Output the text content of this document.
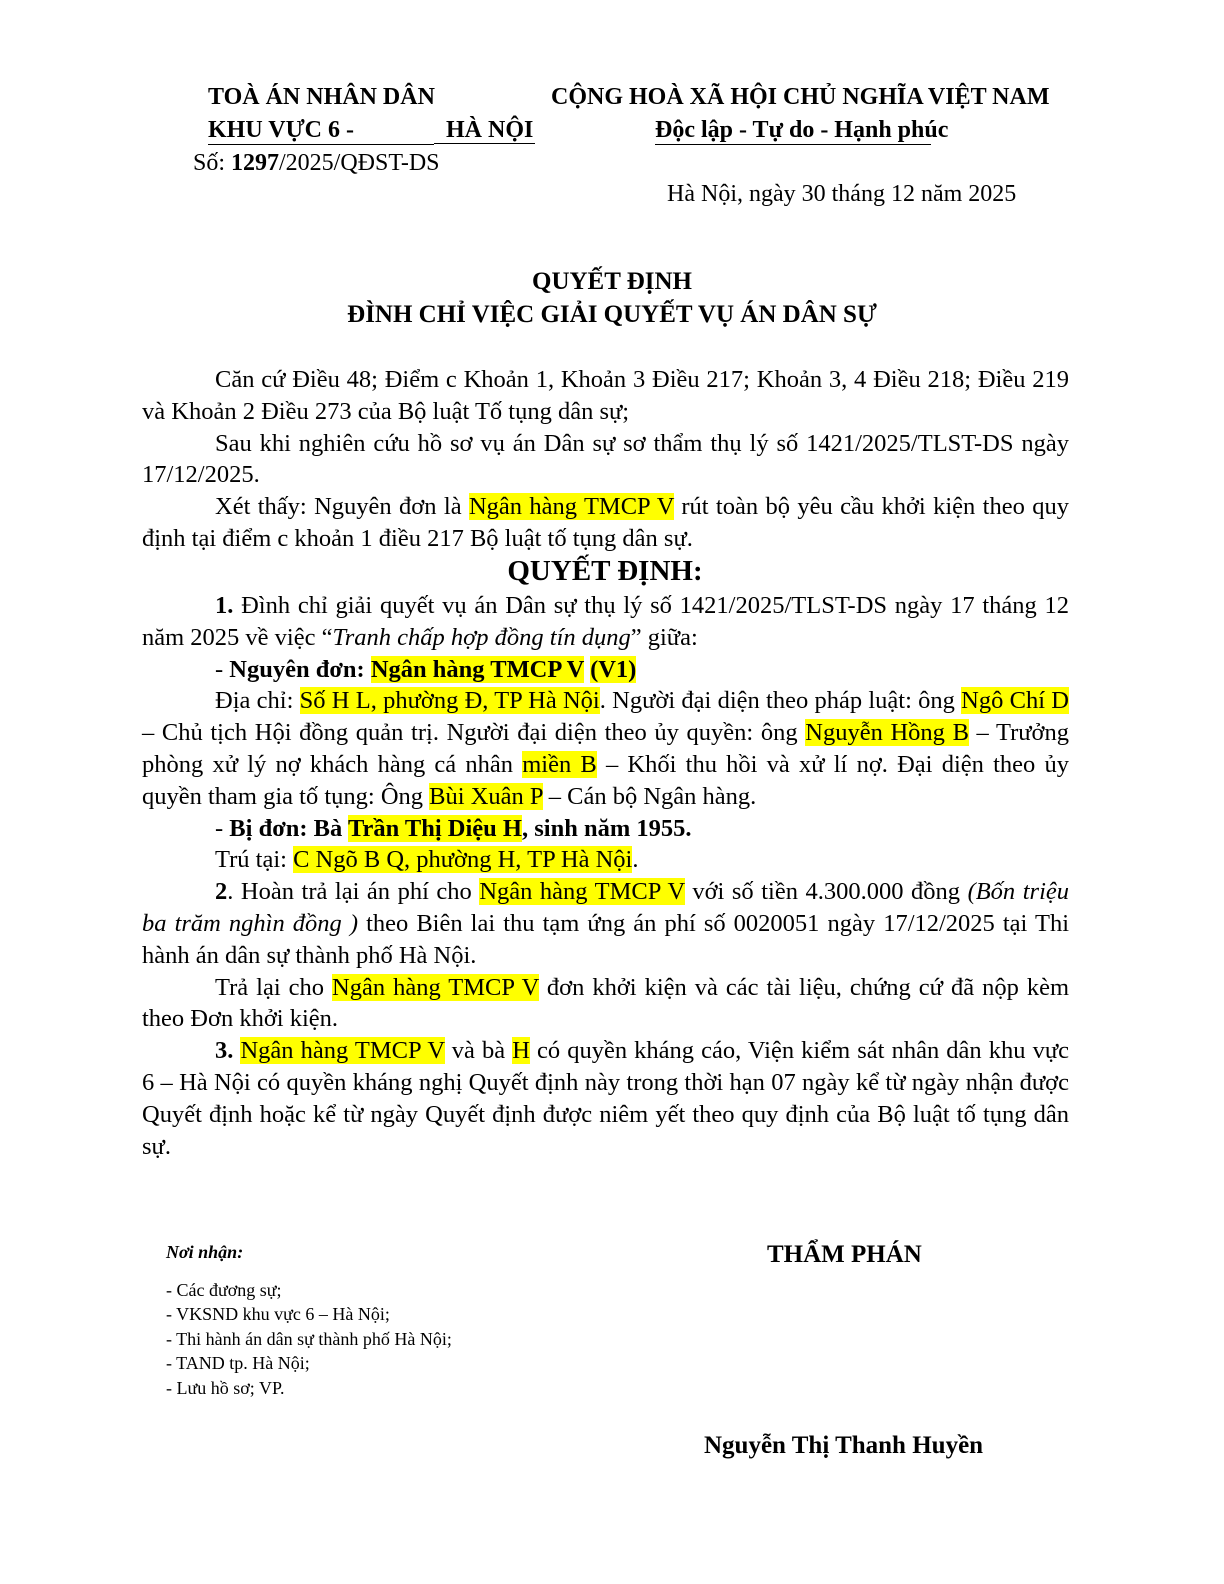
TOÀ ÁN NHÂN DÂN
KHU VỰC 6 -	HÀ NỘI
Số: 1297/2025/QĐST-DS
CỘNG HOÀ XÃ HỘI CHỦ NGHĨA VIỆT NAM
Độc lập - Tự do - Hạnh phúc
Hà Nội, ngày 30 tháng 12 năm 2025
QUYẾT ĐỊNH
ĐÌNH CHỈ VIỆC GIẢI QUYẾT VỤ ÁN DÂN SỰ

Căn cứ Điều 48; Điểm c Khoản 1, Khoản 3 Điều 217; Khoản 3, 4 Điều 218; Điều 219 và Khoản 2 Điều 273 của Bộ luật Tố tụng dân sự;

Sau khi nghiên cứu hồ sơ vụ án Dân sự sơ thẩm thụ lý số 1421/2025/TLST-DS ngày 17/12/2025.

Xét thấy: Nguyên đơn là Ngân hàng TMCP V rút toàn bộ yêu cầu khởi kiện theo quy định tại điểm c khoản 1 điều 217 Bộ luật tố tụng dân sự.

QUYẾT ĐỊNH:

1. Đình chỉ giải quyết vụ án Dân sự thụ lý số 1421/2025/TLST-DS ngày 17 tháng 12 năm 2025 về việc “Tranh chấp hợp đồng tín dụng” giữa:

- Nguyên đơn: Ngân hàng TMCP V (V1)

Địa chỉ: Số H L, phường Đ, TP Hà Nội. Người đại diện theo pháp luật: ông Ngô Chí D – Chủ tịch Hội đồng quản trị. Người đại diện theo ủy quyền: ông Nguyễn Hồng B – Trưởng phòng xử lý nợ khách hàng cá nhân miền B – Khối thu hồi và xử lí nợ. Đại diện theo ủy quyền tham gia tố tụng: Ông Bùi Xuân P – Cán bộ Ngân hàng.

- Bị đơn: Bà Trần Thị Diệu H, sinh năm 1955.

Trú tại: C Ngõ B Q, phường H, TP Hà Nội.

2. Hoàn trả lại án phí cho Ngân hàng TMCP V với số tiền 4.300.000 đồng (Bốn triệu ba trăm nghìn đồng ) theo Biên lai thu tạm ứng án phí số 0020051 ngày 17/12/2025 tại Thi hành án dân sự thành phố Hà Nội.

Trả lại cho Ngân hàng TMCP V đơn khởi kiện và các tài liệu, chứng cứ đã nộp kèm theo Đơn khởi kiện.

3. Ngân hàng TMCP V và bà H có quyền kháng cáo, Viện kiểm sát nhân dân khu vực 6 – Hà Nội có quyền kháng nghị Quyết định này trong thời hạn 07 ngày kể từ ngày nhận được Quyết định hoặc kể từ ngày Quyết định được niêm yết theo quy định của Bộ luật tố tụng dân sự.

Nơi nhận:
- Các đương sự;
- VKSND khu vực 6 – Hà Nội;
- Thi hành án dân sự thành phố Hà Nội;
- TAND tp. Hà Nội;
- Lưu hồ sơ; VP.
THẨM PHÁN
Nguyễn Thị Thanh Huyền
